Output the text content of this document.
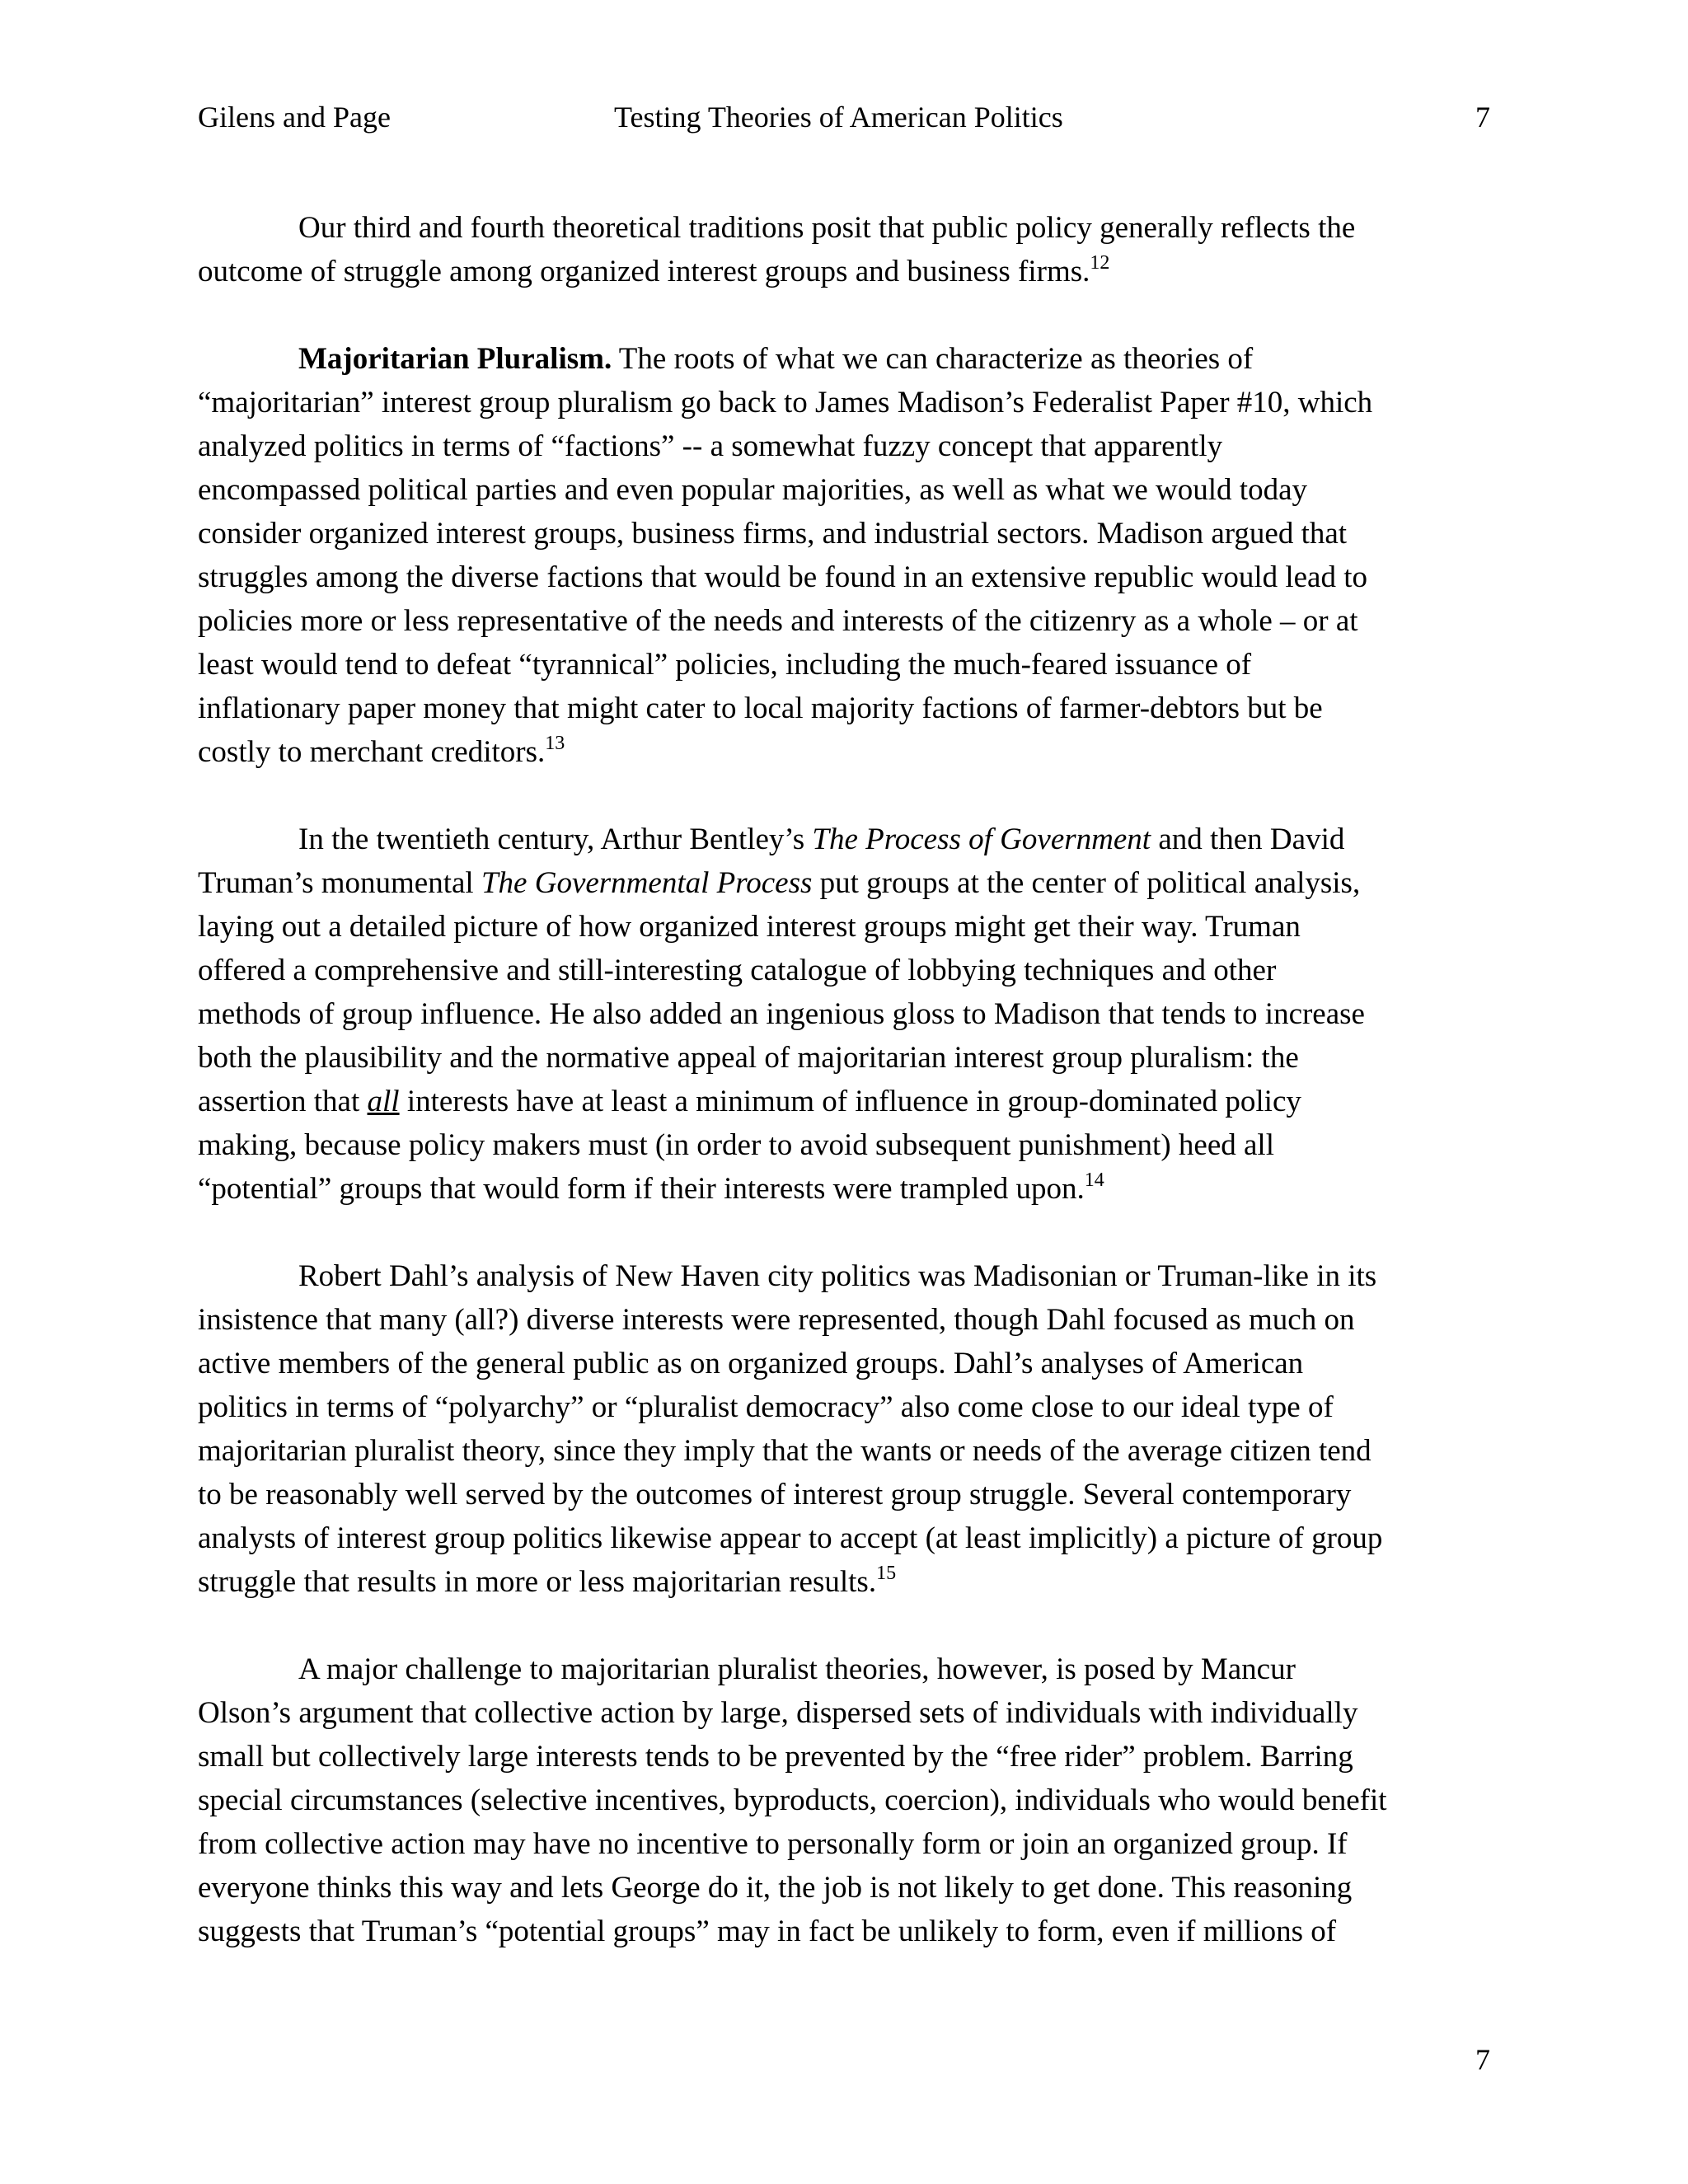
Gilens and Page	Testing Theories of American Politics	7
Our third and fourth theoretical traditions posit that public policy generally reflects the
outcome of struggle among organized interest groups and business firms.$^{12}$
Majoritarian Pluralism. The roots of what we can characterize as theories of
“majoritarian” interest group pluralism go back to James Madison’s Federalist Paper #10, which
analyzed politics in terms of “factions” -- a somewhat fuzzy concept that apparently
encompassed political parties and even popular majorities, as well as what we would today
consider organized interest groups, business firms, and industrial sectors. Madison argued that
struggles among the diverse factions that would be found in an extensive republic would lead to
policies more or less representative of the needs and interests of the citizenry as a whole – or at
least would tend to defeat “tyrannical” policies, including the much-feared issuance of
inflationary paper money that might cater to local majority factions of farmer-debtors but be
costly to merchant creditors.$^{13}$
In the twentieth century, Arthur Bentley’s The Process of Government and then David
Truman’s monumental The Governmental Process put groups at the center of political analysis,
laying out a detailed picture of how organized interest groups might get their way. Truman
offered a comprehensive and still-interesting catalogue of lobbying techniques and other
methods of group influence. He also added an ingenious gloss to Madison that tends to increase
both the plausibility and the normative appeal of majoritarian interest group pluralism: the
assertion that all interests have at least a minimum of influence in group-dominated policy
making, because policy makers must (in order to avoid subsequent punishment) heed all
“potential” groups that would form if their interests were trampled upon.$^{14}$
Robert Dahl’s analysis of New Haven city politics was Madisonian or Truman-like in its
insistence that many (all?) diverse interests were represented, though Dahl focused as much on
active members of the general public as on organized groups. Dahl’s analyses of American
politics in terms of “polyarchy” or “pluralist democracy” also come close to our ideal type of
majoritarian pluralist theory, since they imply that the wants or needs of the average citizen tend
to be reasonably well served by the outcomes of interest group struggle. Several contemporary
analysts of interest group politics likewise appear to accept (at least implicitly) a picture of group
struggle that results in more or less majoritarian results.$^{15}$
A major challenge to majoritarian pluralist theories, however, is posed by Mancur
Olson’s argument that collective action by large, dispersed sets of individuals with individually
small but collectively large interests tends to be prevented by the “free rider” problem. Barring
special circumstances (selective incentives, byproducts, coercion), individuals who would benefit
from collective action may have no incentive to personally form or join an organized group. If
everyone thinks this way and lets George do it, the job is not likely to get done. This reasoning
suggests that Truman’s “potential groups” may in fact be unlikely to form, even if millions of
7
